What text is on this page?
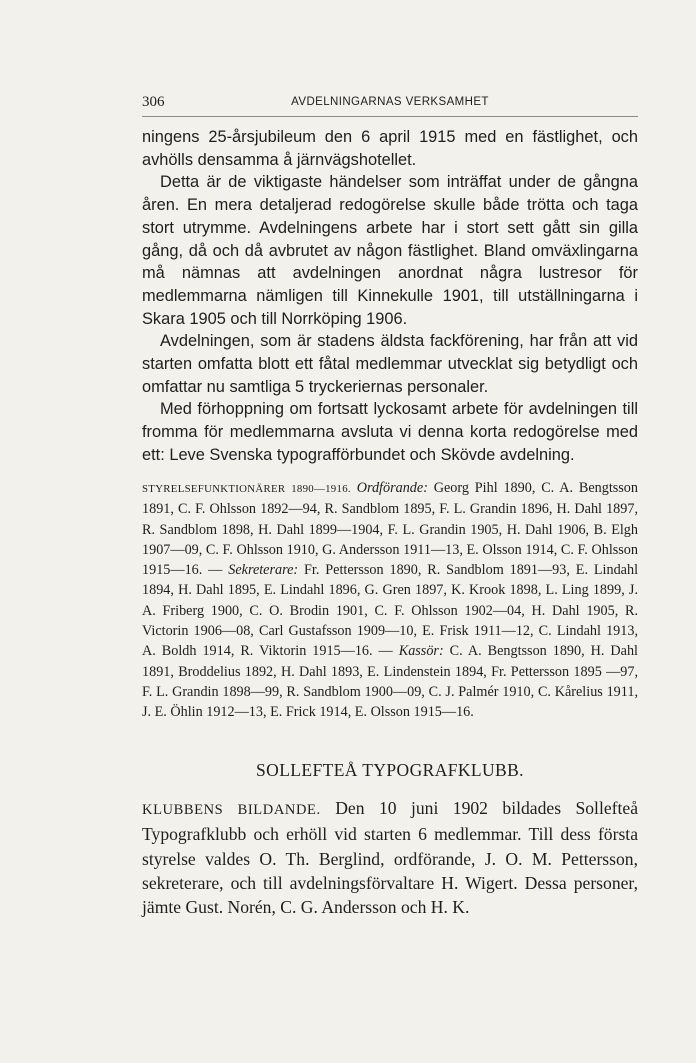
306	AVDELNINGARNAS VERKSAMHET

ningens 25-årsjubileum den 6 april 1915 med en fästlighet, och avhölls densamma å järnvägshotellet.

Detta är de viktigaste händelser som inträffat under de gångna åren. En mera detaljerad redogörelse skulle både trötta och taga stort utrymme. Avdelningens arbete har i stort sett gått sin gilla gång, då och då avbrutet av någon fästlighet. Bland omväxlingarna må nämnas att avdelningen anordnat några lustresor för medlemmarna nämligen till Kinnekulle 1901, till utställningarna i Skara 1905 och till Norrköping 1906.

Avdelningen, som är stadens äldsta fackförening, har från att vid starten omfatta blott ett fåtal medlemmar utvecklat sig betydligt och omfattar nu samtliga 5 tryckeriernas personaler.

Med förhoppning om fortsatt lyckosamt arbete för avdelningen till fromma för medlemmarna avsluta vi denna korta redogörelse med ett: Leve Svenska typografförbundet och Skövde avdelning.

STYRELSEFUNKTIONÄRER 1890—1916. Ordförande: Georg Pihl 1890, C. A. Bengtsson 1891, C. F. Ohlsson 1892—94, R. Sandblom 1895, F. L. Grandin 1896, H. Dahl 1897, R. Sandblom 1898, H. Dahl 1899—1904, F. L. Grandin 1905, H. Dahl 1906, B. Elgh 1907—09, C. F. Ohlsson 1910, G. Andersson 1911—13, E. Olsson 1914, C. F. Ohlsson 1915—16. — Sekreterare: Fr. Pettersson 1890, R. Sandblom 1891—93, E. Lindahl 1894, H. Dahl 1895, E. Lindahl 1896, G. Gren 1897, K. Krook 1898, L. Ling 1899, J. A. Friberg 1900, C. O. Brodin 1901, C. F. Ohlsson 1902—04, H. Dahl 1905, R. Victorin 1906—08, Carl Gustafsson 1909—10, E. Frisk 1911—12, C. Lindahl 1913, A. Boldh 1914, R. Viktorin 1915—16. — Kassör: C. A. Bengtsson 1890, H. Dahl 1891, Broddelius 1892, H. Dahl 1893, E. Lindenstein 1894, Fr. Pettersson 1895 —97, F. L. Grandin 1898—99, R. Sandblom 1900—09, C. J. Palmér 1910, C. Kårelius 1911, J. E. Öhlin 1912—13, E. Frick 1914, E. Olsson 1915—16.

SOLLEFTEÅ TYPOGRAFKLUBB.

KLUBBENS BILDANDE. Den 10 juni 1902 bildades Sollefteå Typografklubb och erhöll vid starten 6 medlemmar. Till dess första styrelse valdes O. Th. Berglind, ordförande, J. O. M. Pettersson, sekreterare, och till avdelningsförvaltare H. Wigert. Dessa personer, jämte Gust. Norén, C. G. Andersson och H. K.
